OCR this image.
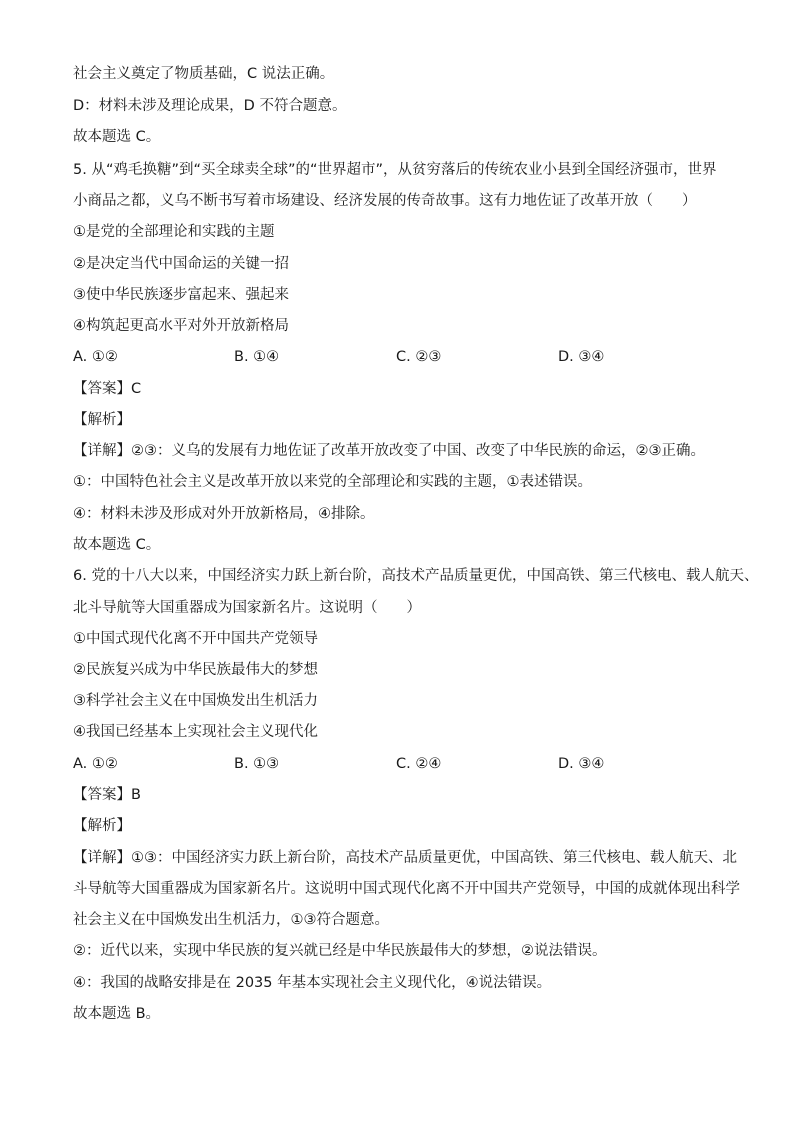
社会主义奠定了物质基础，C 说法正确。
D：材料未涉及理论成果，D 不符合题意。
故本题选 C。
5. 从“鸡毛换糖”到“买全球卖全球”的“世界超市”，从贫穷落后的传统农业小县到全国经济强市，世界
小商品之都，义乌不断书写着市场建设、经济发展的传奇故事。这有力地佐证了改革开放（　　）
①是党的全部理论和实践的主题
②是决定当代中国命运的关键一招
③使中华民族逐步富起来、强起来
④构筑起更高水平对外开放新格局
A. ①②	B. ①④	C. ②③	D. ③④
【答案】C
【解析】
【详解】②③：义乌的发展有力地佐证了改革开放改变了中国、改变了中华民族的命运，②③正确。
①：中国特色社会主义是改革开放以来党的全部理论和实践的主题，①表述错误。
④：材料未涉及形成对外开放新格局，④排除。
故本题选 C。
6. 党的十八大以来，中国经济实力跃上新台阶，高技术产品质量更优，中国高铁、第三代核电、载人航天、
北斗导航等大国重器成为国家新名片。这说明（　　）
①中国式现代化离不开中国共产党领导
②民族复兴成为中华民族最伟大的梦想
③科学社会主义在中国焕发出生机活力
④我国已经基本上实现社会主义现代化
A. ①②	B. ①③	C. ②④	D. ③④
【答案】B
【解析】
【详解】①③：中国经济实力跃上新台阶，高技术产品质量更优，中国高铁、第三代核电、载人航天、北
斗导航等大国重器成为国家新名片。这说明中国式现代化离不开中国共产党领导，中国的成就体现出科学
社会主义在中国焕发出生机活力，①③符合题意。
②：近代以来，实现中华民族的复兴就已经是中华民族最伟大的梦想，②说法错误。
④：我国的战略安排是在 2035 年基本实现社会主义现代化，④说法错误。
故本题选 B。
